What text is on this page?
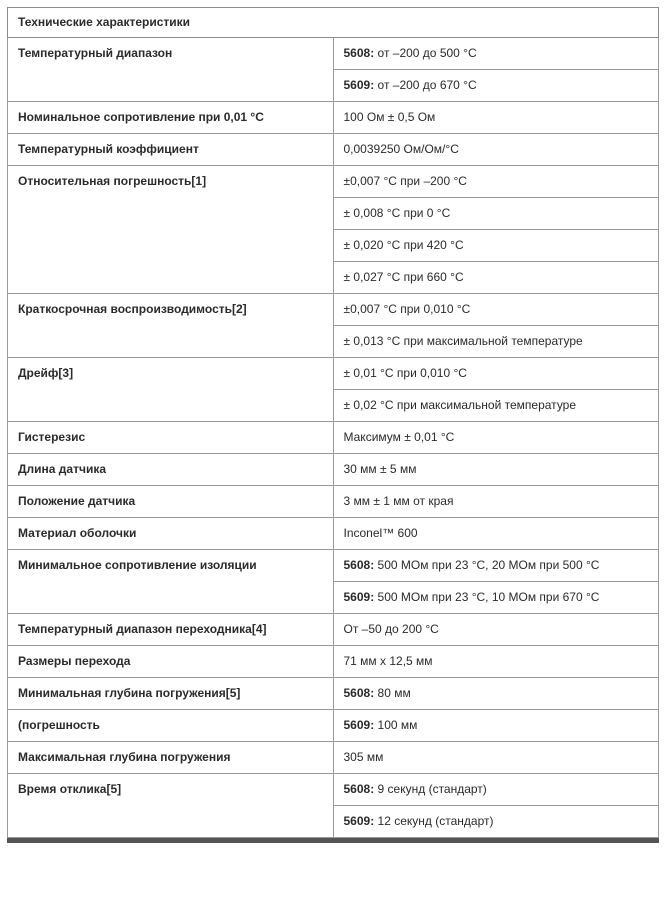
Технические характеристики	
Температурный диапазон	5608: от –200 до 500 °C
	5609: от –200 до 670 °C
Номинальное сопротивление при 0,01 °C	100 Ом ± 0,5 Ом
Температурный коэффициент	0,0039250 Ом/Ом/°C
Относительная погрешность[1]	±0,007 °C при –200 °C
	± 0,008 °C при 0 °C
	± 0,020 °C при 420 °C
	± 0,027 °C при 660 °C
Краткосрочная воспроизводимость[2]	±0,007 °C при 0,010 °C
	± 0,013 °C при максимальной температуре
Дрейф[3]	± 0,01 °C при 0,010 °C
	± 0,02 °C при максимальной температуре
Гистерезис	Максимум ± 0,01 °C
Длина датчика	30 мм ± 5 мм
Положение датчика	3 мм ± 1 мм от края
Материал оболочки	Inconel™ 600
Минимальное сопротивление изоляции	5608: 500 МОм при 23 °C, 20 МОм при 500 °C
	5609: 500 МОм при 23 °C, 10 МОм при 670 °C
Температурный диапазон переходника[4]	От –50 до 200 °C
Размеры перехода	71 мм x 12,5 мм
Минимальная глубина погружения[5]	5608: 80 мм
(погрешность	5609: 100 мм
Максимальная глубина погружения	305 мм
Время отклика[5]	5608: 9 секунд (стандарт)
	5609: 12 секунд (стандарт)
